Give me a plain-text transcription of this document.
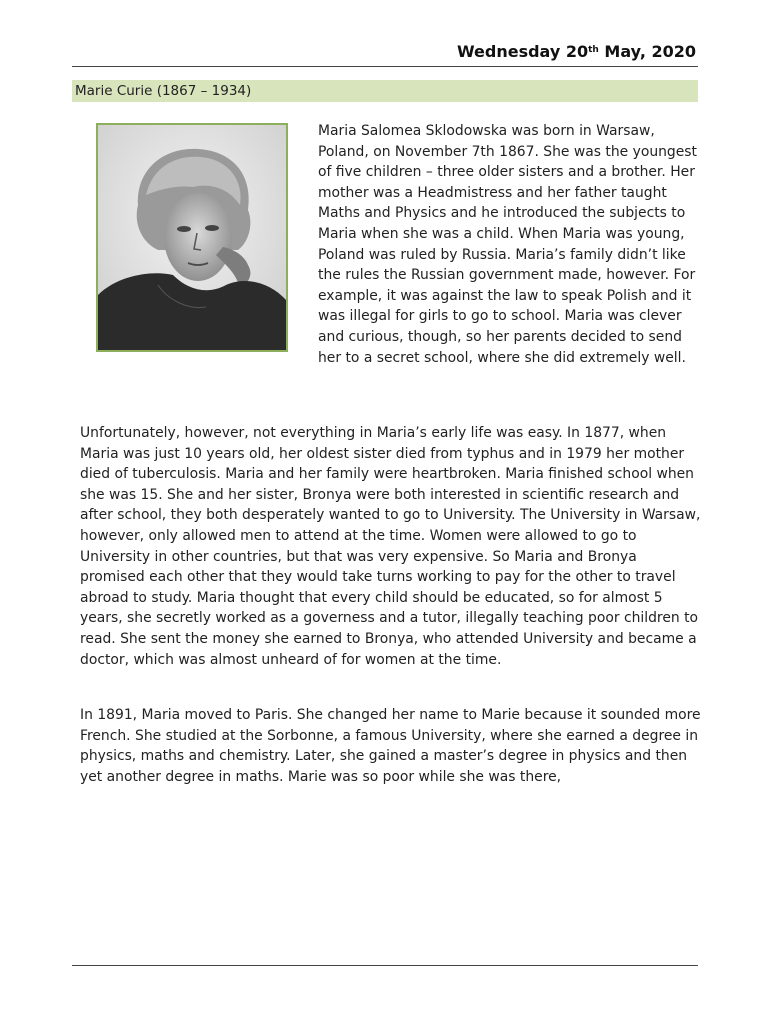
Wednesday 20th May, 2020
Marie Curie (1867 – 1934)

Maria Salomea Sklodowska was born in Warsaw, Poland, on November 7th 1867. She was the youngest of five children – three older sisters and a brother. Her mother was a Headmistress and her father taught Maths and Physics and he introduced the subjects to Maria when she was a child. When Maria was young, Poland was ruled by Russia. Maria’s family didn’t like the rules the Russian government made, however. For example, it was against the law to speak Polish and it was illegal for girls to go to school. Maria was clever and curious, though, so her parents decided to send her to a secret school, where she did extremely well.

Unfortunately, however, not everything in Maria’s early life was easy. In 1877, when Maria was just 10 years old, her oldest sister died from typhus and in 1979 her mother died of tuberculosis. Maria and her family were heartbroken. Maria finished school when she was 15. She and her sister, Bronya were both interested in scientific research and after school, they both desperately wanted to go to University. The University in Warsaw, however, only allowed men to attend at the time. Women were allowed to go to University in other countries, but that was very expensive. So Maria and Bronya promised each other that they would take turns working to pay for the other to travel abroad to study. Maria thought that every child should be educated, so for almost 5 years, she secretly worked as a governess and a tutor, illegally teaching poor children to read. She sent the money she earned to Bronya, who attended University and became a doctor, which was almost unheard of for women at the time.

In 1891, Maria moved to Paris. She changed her name to Marie because it sounded more French. She studied at the Sorbonne, a famous University, where she earned a degree in physics, maths and chemistry. Later, she gained a master’s degree in physics and then yet another degree in maths. Marie was so poor while she was there,
